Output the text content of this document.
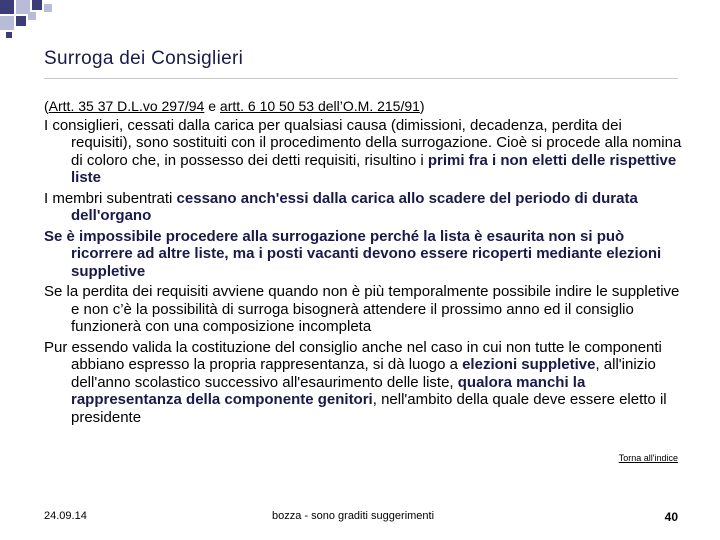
Surroga dei Consiglieri

(Artt. 35 37 D.L.vo 297/94 e artt. 6 10 50 53 dell’O.M. 215/91)

I consiglieri, cessati dalla carica per qualsiasi causa (dimissioni, decadenza, perdita dei requisiti), sono sostituiti con il procedimento della surrogazione. Cioè si procede alla nomina di coloro che, in possesso dei detti requisiti, risultino i primi fra i non eletti delle rispettive liste

I membri subentrati cessano anch'essi dalla carica allo scadere del periodo di durata dell'organo

Se è impossibile procedere alla surrogazione perché la lista è esaurita non si può ricorrere ad altre liste, ma i posti vacanti devono essere ricoperti mediante elezioni suppletive

Se la perdita dei requisiti avviene quando non è più temporalmente possibile indire le suppletive e non c’è la possibilità di surroga bisognerà attendere il prossimo anno ed il consiglio funzionerà con una composizione incompleta

Pur essendo valida la costituzione del consiglio anche nel caso in cui non tutte le componenti abbiano espresso la propria rappresentanza, si dà luogo a elezioni suppletive, all'inizio dell'anno scolastico successivo all'esaurimento delle liste, qualora manchi la rappresentanza della componente genitori, nell'ambito della quale deve essere eletto il presidente

Torna all'indice
24.09.14	bozza - sono graditi suggerimenti	40
